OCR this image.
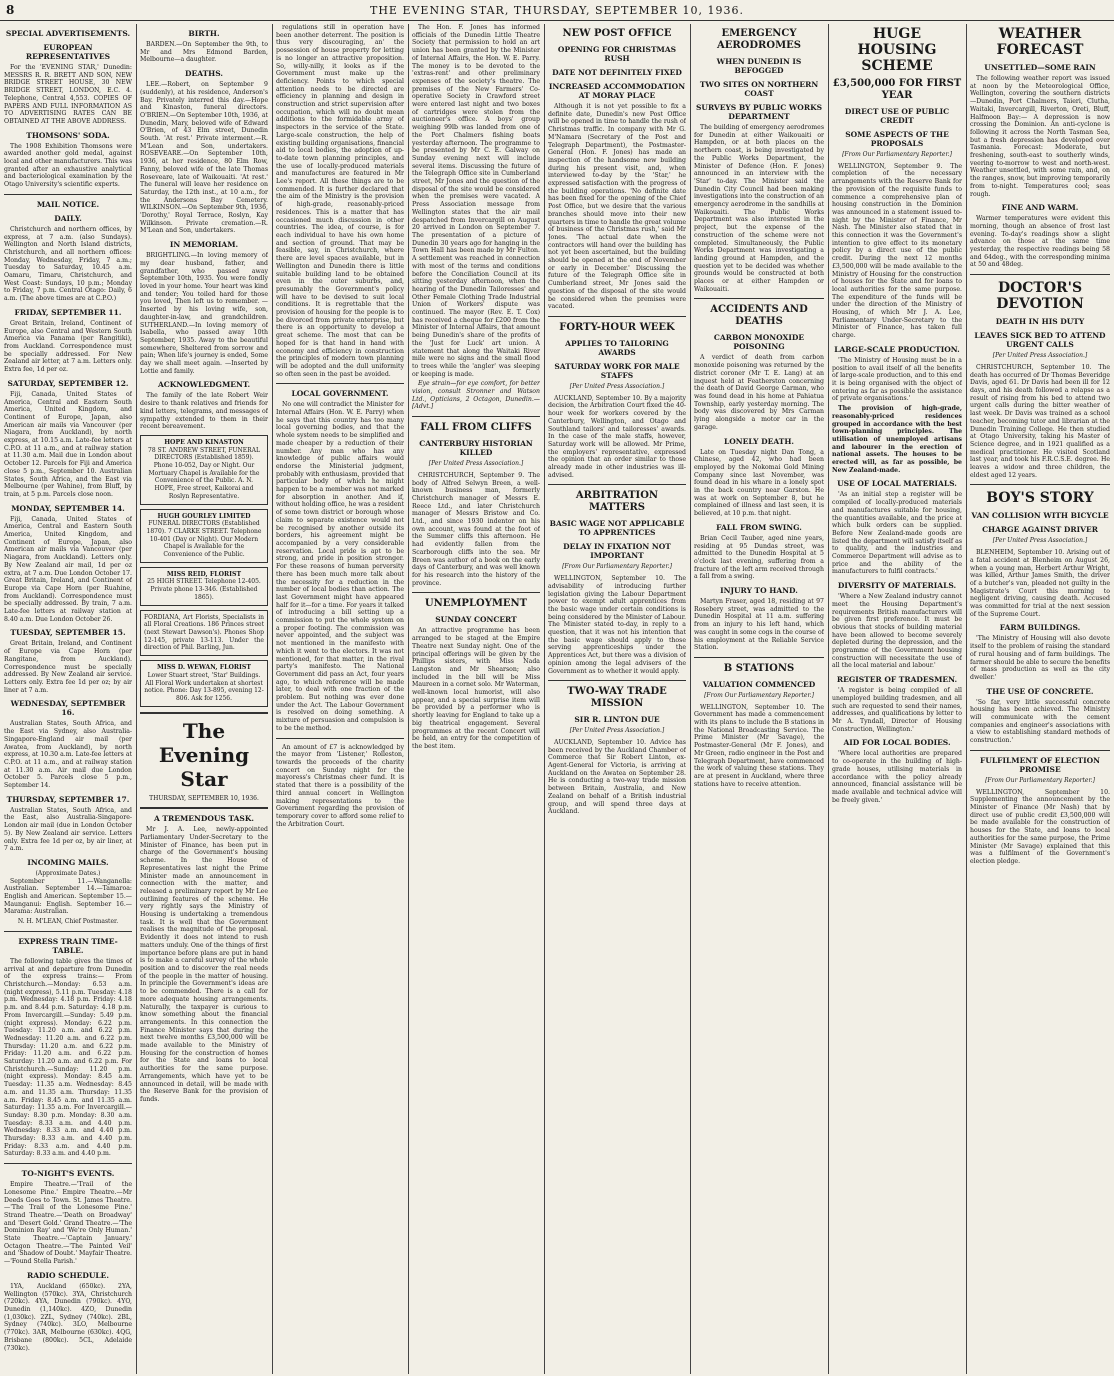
8	THE EVENING STAR, THURSDAY, SEPTEMBER 10, 1936.
SPECIAL ADVERTISEMENTS.
EUROPEAN REPRESENTATIVES

For the 'EVENING STAR,' Dunedin: MESSRS R. R. BRETT AND SON, NEW BRIDGE STREET HOUSE, 30 NEW BRIDGE STREET, LONDON, E.C. 4. Telephone, Central 4,553. COPIES OF PAPERS AND FULL INFORMATION AS TO ADVERTISING RATES CAN BE OBTAINED AT THE ABOVE ADDRESS.

THOMSONS' SODA.

The 1908 Exhibition Thomsons were awarded another gold medal, against local and other manufacturers. This was granted after an exhaustive analytical and bacteriological examination by the Otago University's scientific experts.

MAIL NOTICE.
DAILY.

Christchurch and northern offices, by express, at 7 a.m. (also Sundays). Wellington and North Island districts, Christchurch, and all northern offices: Monday, Wednesday, Friday, 7 a.m.; Tuesday to Saturday, 10.45 a.m. Oamaru, Timaru, Christchurch, and West Coast: Sundays, 10 p.m.; Monday to Friday, 7 p.m. Central Otago: Daily, 6 a.m. (The above times are at C.P.O.)

FRIDAY, SEPTEMBER 11.

Great Britain, Ireland, Continent of Europe, also Central and Western South America via Panama (per Rangitiki), from Auckland. Correspondence must be specially addressed. For New Zealand air letter, at 7 a.m. Letters only. Extra fee, 1d per oz.

SATURDAY, SEPTEMBER 12.

Fiji, Canada, United States of America, Central and Eastern South America, United Kingdom, and Continent of Europe, Japan, also American air mails via Vancouver (per Niagara, from Auckland), by north express, at 10.15 a.m. Late-fee letters at C.P.O. at 11 a.m., and at railway station at 11.30 a.m. Mail due in London about October 12. Parcels for Fiji and America close 5 p.m., September 10. Australian States, South Africa, and the East via Melbourne (per Wahine), from Bluff, by train, at 5 p.m. Parcels close noon.

MONDAY, SEPTEMBER 14.

Fiji, Canada, United States of America, Central and Eastern South America, United Kingdom, and Continent of Europe, Japan, also American air mails via Vancouver (per Niagara, from Auckland). Letters only. By New Zealand air mail, 1d per oz extra, at 7 a.m. Due London October 17. Great Britain, Ireland, and Continent of Europe via Cape Horn (per Ruahine, from Auckland). Correspondence must be specially addressed. By train, 7 a.m. Late-fee letters at railway station at 8.40 a.m. Due London October 26.

TUESDAY, SEPTEMBER 15.

Great Britain, Ireland, and Continent of Europe via Cape Horn (per Rangitane, from Auckland). Correspondence must be specially addressed. By New Zealand air service. Letters only. Extra fee 1d per oz; by air liner at 7 a.m.

WEDNESDAY, SEPTEMBER 16.

Australian States, South Africa, and the East via Sydney, also Australia-Singapore-England air mail (per Awatea, from Auckland), by north express, at 10.30 a.m. Late-fee letters at C.P.O. at 11 a.m., and at railway station at 11.30 a.m. Air mail due London October 5. Parcels close 5 p.m., September 14.

THURSDAY, SEPTEMBER 17.

Australian States, South Africa, and the East, also Australia-Singapore-London air mail (due in London October 5). By New Zealand air service. Letters only. Extra fee 1d per oz, by air liner, at 7 a.m.

INCOMING MAILS.
(Approximate Dates.)

September 11.—Wanganella: Australian. September 14.—Tamaroa: English and American. September 15.—Maunganui: English. September 16.—Marama: Australian.

N. H. M'LEAN, Chief Postmaster.
EXPRESS TRAIN TIME-TABLE.

The following table gives the times of arrival at and departure from Dunedin of the express trains:— From Christchurch.—Monday: 6.53 a.m. (night express), 5.11 p.m. Tuesday: 4.18 p.m. Wednesday: 4.18 p.m. Friday: 4.18 p.m. and 8.44 p.m. Saturday: 4.18 p.m. From Invercargill.—Sunday: 5.49 p.m. (night express). Monday: 6.22 p.m. Tuesday: 11.20 a.m. and 6.22 p.m. Wednesday: 11.20 a.m. and 6.22 p.m. Thursday: 11.20 a.m. and 6.22 p.m. Friday: 11.20 a.m. and 6.22 p.m. Saturday: 11.20 a.m. and 6.22 p.m. For Christchurch.—Sunday: 11.20 p.m. (night express). Monday: 8.45 a.m. Tuesday: 11.35 a.m. Wednesday: 8.45 a.m. and 11.35 a.m. Thursday: 11.35 a.m. Friday: 8.45 a.m. and 11.35 a.m. Saturday: 11.35 a.m. For Invercargill.—Sunday: 8.30 p.m. Monday: 8.30 a.m. Tuesday: 8.33 a.m. and 4.40 p.m. Wednesday: 8.33 a.m. and 4.40 p.m. Thursday: 8.33 a.m. and 4.40 p.m. Friday: 8.33 a.m. and 4.40 p.m. Saturday: 8.33 a.m. and 4.40 p.m.

TO-NIGHT'S EVENTS.

Empire Theatre.—'Trail of the Lonesome Pine.' Empire Theatre.—Mr Deeds Goes to Town. St. James Theatre.—'The Trail of the Lonesome Pine.' Strand Theatre.—'Death on Broadway' and 'Desert Gold.' Grand Theatre.—'The Dominion Ray' and 'We're Only Human.' State Theatre.—'Captain January.' Octagon Theatre.—'The Painted Veil' and 'Shadow of Doubt.' Mayfair Theatre.—'Found Stella Parish.'

RADIO SCHEDULE.

1YA, Auckland (650kc). 2YA, Wellington (570kc). 3YA, Christchurch (720kc). 4YA, Dunedin (790kc). 4YO, Dunedin (1,140kc). 4ZO, Dunedin (1,030kc). 2ZL, Sydney (740kc). 2BL, Sydney (740kc). 3LO, Melbourne (770kc). 3AR, Melbourne (630kc). 4QG, Brisbane (800kc). 5CL, Adelaide (730kc).

BIRTH.

BARDEN.—On September the 9th, to Mr and Mrs Edmond Barden, Melbourne—a daughter.

DEATHS.

LEE.—Robert, on September 9 (suddenly), at his residence, Anderson's Bay. Privately interred this day.—Hope and Kinaston, funeral directors. O'BRIEN.—On September 10th, 1936, at Dunedin, Mary, beloved wife of Edward O'Brien, of 43 Elm street, Dunedin South. 'At rest.' Private interment.—R. M'Lean and Son, undertakers. ROSEVEARE.—On September 10th, 1936, at her residence, 80 Elm Row, Fanny, beloved wife of the late Thomas Roseveare, late of Waikouaiti. 'At rest.' The funeral will leave her residence on Saturday, the 12th inst., at 10 a.m., for the Andersons Bay Cemetery. WILKINSON.—On September 9th, 1936, 'Dorothy,' Royal Terrace, Roslyn, Kay Wilkinson. Private cremation.—R. M'Lean and Son, undertakers.

IN MEMORIAM.

BRIGHTLING.—In loving memory of my dear husband, father, and grandfather, who passed away September 10th, 1935. You were fondly loved in your home. Your heart was kind and tender; You toiled hard for those you loved, Then left us to remember. —Inserted by his loving wife, son, daughter-in-law, and grandchildren. SUTHERLAND.—In loving memory of Isabella, who passed away 10th September, 1935. Away to the beautiful somewhere, Sheltered from sorrow and pain; When life's journey is ended, Some day we shall meet again. —Inserted by Lottie and family.

ACKNOWLEDGMENT.

The family of the late Robert Weir desire to thank relatives and friends for kind letters, telegrams, and messages of sympathy extended to them in their recent bereavement.

HOPE AND KINASTON
78 ST. ANDREW STREET, FUNERAL DIRECTORS (Established 1859). Phone 10-052, Day or Night. Our Mortuary Chapel is Available for the Convenience of the Public. A. N. HOPE, Free street, Kaikorai and Roslyn Representative.
HUGH GOURLEY LIMITED
FUNERAL DIRECTORS (Established 1870). 7 CLARKE STREET. Telephone 10-401 (Day or Night). Our Modern Chapel is Available for the Convenience of the Public.
MISS REID, FLORIST
25 HIGH STREET. Telephone 12-405. Private phone 13-346. (Established 1865).
FORDIANA, Art Florists, Specialists in all Floral Creations. 186 Princes street (next Stewart Dawson's). Phones Shop 12-145, private 13-113. Under the direction of Phil. Barling, Jun.
MISS D. WEWAN, FLORIST
Lower Stuart street, 'Star' Buildings. All Floral Work undertaken at shortest notice. Phone: Day 13-895, evening 12-806. Ask for 1256.
The Evening Star
THURSDAY, SEPTEMBER 10, 1936.
A TREMENDOUS TASK.

Mr J. A. Lee, newly-appointed Parliamentary Under-Secretary to the Minister of Finance, has been put in charge of the Government's housing scheme. In the House of Representatives last night the Prime Minister made an announcement in connection with the matter, and released a preliminary report by Mr Lee outlining features of the scheme. He very rightly says the Ministry of Housing is undertaking a tremendous task. It is well that the Government realises the magnitude of the proposal. Evidently it does not intend to rush matters unduly. One of the things of first importance before plans are put in hand is to make a careful survey of the whole position and to discover the real needs of the people in the matter of housing. In principle the Government's ideas are to be commended. There is a call for more adequate housing arrangements. Naturally, the taxpayer is curious to know something about the financial arrangements. In this connection the Finance Minister says that during the next twelve months £3,500,000 will be made available to the Ministry of Housing for the construction of homes for the State and loans to local authorities for the same purpose. Arrangements, which have yet to be announced in detail, will be made with the Reserve Bank for the provision of funds.

regulations still in operation have been another deterrent. The position is thus very discouraging, an' the possession of house property for letting is no longer an attractive proposition. So, willy-nilly, it looks as if the Government must make up the deficiency. Points to which special attention needs to be directed are efficiency in planning and design in construction and strict supervision after occupation, which will no doubt mean additions to the formidable army of inspectors in the service of the State. Large-scale construction, the help of existing building organisations, financial aid to local bodies, the adoption of up-to-date town planning principles, and the use of locally-produced materials and manufactures are featured in Mr Lee's report. All these things are to be commended. It is further declared that the aim of the Ministry is the provision of high-grade, reasonably-priced residences. This is a matter that has occasioned much discussion in other countries. The idea, of course, is for each individual to have his own home and section of ground. That may be feasible, say, in Christchurch, where there are level spaces available, but in Wellington and Dunedin there is little suitable building land to be obtained even in the outer suburbs, and, presumably the Government's policy will have to be devised to suit local conditions. It is regrettable that the provision of housing for the people is to be divorced from private enterprise, but there is an opportunity to develop a great scheme. The most that can be hoped for is that hand in hand with economy and efficiency in construction the principles of modern town planning will be adopted and the dull uniformity so often seen in the past be avoided.

LOCAL GOVERNMENT.

No one will contradict the Minister for Internal Affairs (Hon. W. E. Parry) when he says that this country has too many local governing bodies, and that the whole system needs to be simplified and made cheaper by a reduction of their number. Any man who has any knowledge of public affairs would endorse the Ministerial judgment, probably with enthusiasm, provided that particular body of which he might happen to be a member was not marked for absorption in another. And if, without holding office, he was a resident of some town district or borough whose claim to separate existence would not be recognised by another outside its borders, his agreement might be accompanied by a very considerable reservation. Local pride is apt to be strong, and pride in position stronger. For these reasons of human perversity there has been much more talk about the necessity for a reduction in the number of local bodies than action. The last Government might have appeared half for it—for a time. For years it talked of introducing a bill setting up a commission to put the whole system on a proper footing. The commission was never appointed, and the subject was not mentioned in the manifesto with which it went to the electors. It was not mentioned, for that matter, in the rival party's manifesto. The National Government did pass an Act, four years ago, to which reference will be made later, to deal with one fraction of the problem. But nothing was ever done under the Act. The Labour Government is resolved on doing something. A mixture of persuasion and compulsion is to be the method.

An amount of £7 is acknowledged by the mayor from 'Listener,' Rolleston, towards the proceeds of the charity concert on Sunday night for the mayoress's Christmas cheer fund. It is stated that there is a possibility of the third annual concert in Wellington making representations to the Government regarding the provision of temporary cover to afford some relief to the Arbitration Court.

The Hon. F. Jones has informed officials of the Dunedin Little Theatre Society that permission to hold an art union has been granted by the Minister of Internal Affairs, the Hon. W. E. Parry. The money is to be devoted to the 'extras-rent' and other preliminary expenses of the society's theatre. The premises of the New Farmers' Co-operative Society in Crawford street were entered last night and two boxes of cartridges were stolen from the auctioneer's office. A boys' group weighing 99lb was landed from one of the Port Chalmers fishing boats yesterday afternoon. The programme to be presented by Mr C. E. Galway on Sunday evening next will include several items. Discussing the future of the Telegraph Office site in Cumberland street, Mr Jones and the question of the disposal of the site would be considered when the premises were vacated. A Press Association message from Wellington states that the air mail despatched from Invercargill on August 20 arrived in London on September 7. The presentation of a picture of Dunedin 30 years ago for hanging in the Town Hall has been made by Mr Fulton. A settlement was reached in connection with most of the terms and conditions before the Conciliation Council at its sitting yesterday afternoon, when the hearing of the Dunedin Tailoresses' and Other Female Clothing Trade Industrial Union of Workers' dispute was continued. The mayor (Rev. E. T. Cox) has received a cheque for £200 from the Minister of Internal Affairs, that amount being Dunedin's share of the profits of the 'Just for Luck' art union. A statement that along the Waitaki River mile were no signs and the small flood to trees while the 'angler' was sleeping or keeping is made.

Eye strain—for eye comfort, for better vision, consult Stronner and Watson Ltd., Opticians, 2 Octagon, Dunedin.—[Advt.]

FALL FROM CLIFFS
CANTERBURY HISTORIAN KILLED
[Per United Press Association.]

CHRISTCHURCH, September 9. The body of Alfred Selwyn Breen, a well-known business man, formerly Christchurch manager of Messrs E. Reece Ltd., and later Christchurch manager of Messrs Bristow and Co. Ltd., and since 1930 indentor on his own account, was found at the foot of the Summer cliffs this afternoon. He had evidently fallen from the Scarborough cliffs into the sea. Mr Breen was author of a book on the early days of Canterbury, and was well known for his research into the history of the province.

UNEMPLOYMENT
SUNDAY CONCERT

An attractive programme has been arranged to be staged at the Empire Theatre next Sunday night. One of the principal offerings will be given by the Phillips sisters, with Miss Nada Langston and Mr Shearson; also included in the bill will be Miss Maureen in a cornet solo. Mr Waterman, well-known local humorist, will also appear, and a special surprise item will be provided by a performer who is shortly leaving for England to take up a big theatrical engagement. Several programmes at the recent Concert will be held, an entry for the competition of the best item.

NEW POST OFFICE
OPENING FOR CHRISTMAS RUSH
DATE NOT DEFINITELY FIXED
INCREASED ACCOMMODATION AT MORAY PLACE

Although it is not yet possible to fix a definite date, Dunedin's new Post Office will be opened in time to handle the rush of Christmas traffic. In company with Mr G. M'Namara (Secretary of the Post and Telegraph Department), the Postmaster-General (Hon. F. Jones) has made an inspection of the handsome new building during his present visit, and, when interviewed to-day by the 'Star,' he expressed satisfaction with the progress of the building operations. 'No definite date has been fixed for the opening of the Chief Post Office, but we desire that the various branches should move into their new quarters in time to handle the great volume of business of the Christmas rush,' said Mr Jones. 'The actual date when the contractors will hand over the building has not yet been ascertained, but the building should be opened at the end of November or early in December.' Discussing the future of the Telegraph Office site in Cumberland street, Mr Jones said the question of the disposal of the site would be considered when the premises were vacated.

FORTY-HOUR WEEK
APPLIES TO TAILORING AWARDS
SATURDAY WORK FOR MALE STAFFS
[Per United Press Association.]

AUCKLAND, September 10. By a majority decision, the Arbitration Court fixed the 40-hour week for workers covered by the Canterbury, Wellington, and Otago and Southland tailors' and tailoresses' awards. In the case of the male staffs, however, Saturday work will be allowed. Mr Prime, the employers' representative, expressed the opinion that an order similar to those already made in other industries was ill-advised.

ARBITRATION MATTERS
BASIC WAGE NOT APPLICABLE TO APPRENTICES
DELAY IN FIXATION NOT IMPORTANT
[From Our Parliamentary Reporter.]

WELLINGTON, September 10. The advisability of introducing further legislation giving the Labour Department power to exempt adult apprentices from the basic wage under certain conditions is being considered by the Minister of Labour. The Minister stated to-day, in reply to a question, that it was not his intention that the basic wage should apply to those serving apprenticeships under the Apprentices Act, but there was a division of opinion among the legal advisers of the Government as to whether it would apply.

TWO-WAY TRADE MISSION
SIR R. LINTON DUE
[Per United Press Association.]

AUCKLAND, September 10. Advice has been received by the Auckland Chamber of Commerce that Sir Robert Linton, ex-Agent-General for Victoria, is arriving at Auckland on the Awatea on September 28. He is conducting a two-way trade mission between Britain, Australia, and New Zealand on behalf of a British industrial group, and will spend three days at Auckland.

EMERGENCY AERODROMES
WHEN DUNEDIN IS BEFOGGED
TWO SITES ON NORTHERN COAST
SURVEYS BY PUBLIC WORKS DEPARTMENT

The building of emergency aerodromes for Dunedin at either Waikouaiti or Hampden, or at both places on the northern coast, is being investigated by the Public Works Department, the Minister of Defence (Hon. F. Jones) announced in an interview with the 'Star' to-day. The Minister said the Dunedin City Council had been making investigations into the construction of an emergency aerodrome in the sandhills at Waikouaiti. The Public Works Department was also interested in the project, but the expense of the construction of the scheme were not completed. Simultaneously, the Public Works Department was investigating a landing ground at Hampden, and the question yet to be decided was whether grounds would be constructed at both places or at either Hampden or Waikouaiti.

ACCIDENTS AND DEATHS
CARBON MONOXIDE POISONING

A verdict of death from carbon monoxide poisoning was returned by the district coroner (Mr T. E. Lang) at an inquest held at Featherston concerning the death of David George Carman, who was found dead in his home at Pahiatua Township, early yesterday morning. The body was discovered by Mrs Carman lying alongside a motor car in the garage.

LONELY DEATH.

Late on Tuesday night Dan Tong, a Chinese, aged 42, who had been employed by the Nokomai Gold Mining Company since last November, was found dead in his whare in a lonely spot in the back country near Garston. He was at work on September 8, but he complained of illness and last seen, it is believed, at 10 p.m. that night.

FALL FROM SWING.

Brian Cecil Tauber, aged nine years, residing at 95 Dundas street, was admitted to the Dunedin Hospital at 5 o'clock last evening, suffering from a fracture of the left arm received through a fall from a swing.

INJURY TO HAND.

Martyn Fraser, aged 18, residing at 97 Rosebery street, was admitted to the Dunedin Hospital at 11 a.m. suffering from an injury to his left hand, which was caught in some cogs in the course of his employment at the Reliable Service Station.

B STATIONS
VALUATION COMMENCED
[From Our Parliamentary Reporter.]

WELLINGTON, September 10. The Government has made a commencement with its plans to include the B stations in the National Broadcasting Service. The Prime Minister (Mr Savage), the Postmaster-General (Mr F. Jones), and Mr Green, radio engineer in the Post and Telegraph Department, have commenced the work of valuing these stations. They are at present in Auckland, where three stations have to receive attention.

HUGE HOUSING SCHEME
£3,500,000 FOR FIRST YEAR
DIRECT USE OF PUBLIC CREDIT
SOME ASPECTS OF THE PROPOSALS
[From Our Parliamentary Reporter.]

WELLINGTON, September 9. The completion of the necessary arrangements with the Reserve Bank for the provision of the requisite funds to commence a comprehensive plan of housing construction in the Dominion was announced in a statement issued to-night by the Minister of Finance, Mr Nash. The Minister also stated that in this connection it was the Government's intention to give effect to its monetary policy by a direct use of the public credit. During the next 12 months £3,500,000 will be made available to the Ministry of Housing for the construction of houses for the State and for loans to local authorities for the same purpose. The expenditure of the funds will be under the direction of the Ministry of Housing, of which Mr J. A. Lee, Parliamentary Under-Secretary to the Minister of Finance, has taken full charge.

LARGE-SCALE PRODUCTION.

'The Ministry of Housing must be in a position to avail itself of all the benefits of large-scale production, and to this end it is being organised with the object of entering as far as possible the assistance of private organisations.'

The provision of high-grade, reasonably-priced residences grouped in accordance with the best town-planning principles. The utilisation of unemployed artisans and labourer in the erection of national assets. The houses to be erected will, as far as possible, be New Zealand-made.

USE OF LOCAL MATERIALS.

'As an initial step a register will be compiled of locally-produced materials and manufactures suitable for housing, the quantities available, and the price at which bulk orders can be supplied. Before New Zealand-made goods are listed the department will satisfy itself as to quality, and the industries and Commerce Department will advise as to price and the ability of the manufacturers to fulfil contracts.'

DIVERSITY OF MATERIALS.

'Where a New Zealand industry cannot meet the Housing Department's requirements British manufacturers will be given first preference. It must be obvious that stocks of building material have been allowed to become severely depleted during the depression, and the programme of the Government housing construction will necessitate the use of all the local material and labour.'

REGISTER OF TRADESMEN.

'A register is being compiled of all unemployed building tradesmen, and all such are requested to send their names, addresses, and qualifications by letter to Mr A. Tyndall, Director of Housing Construction, Wellington.'

AID FOR LOCAL BODIES.

'Where local authorities are prepared to co-operate in the building of high-grade houses, utilising materials in accordance with the policy already announced, financial assistance will be made available and technical advice will be freely given.'

WEATHER FORECAST
UNSETTLED—SOME RAIN

The following weather report was issued at noon by the Meteorological Office, Wellington, covering the southern districts—Dunedin, Port Chalmers, Taieri, Clutha, Waitaki, Invercargill, Riverton, Oreti, Bluff, Halfmoon Bay:— A depression is now crossing the Dominion. An anti-cyclone is following it across the North Tasman Sea, but a fresh depression has developed over Tasmania. Forecast: Moderate, but freshening, south-east to southerly winds, veering to-morrow to west and north-west. Weather unsettled, with some rain, and, on the ranges, snow, but improving temporarily from to-night. Temperatures cool; seas rough.

FINE AND WARM.

Warmer temperatures were evident this morning, though an absence of frost last evening. To-day's readings show a slight advance on those at the same time yesterday, the respective readings being 58 and 64deg., with the corresponding minima at 50 and 48deg.

DOCTOR'S DEVOTION
DEATH IN HIS DUTY
LEAVES SICK BED TO ATTEND URGENT CALLS
[Per United Press Association.]

CHRISTCHURCH, September 10. The death has occurred of Dr Thomas Beveridge Davis, aged 61. Dr Davis had been ill for 12 days, and his death followed a relapse as a result of rising from his bed to attend two urgent calls during the bitter weather of last week. Dr Davis was trained as a school teacher, becoming tutor and librarian at the Dunedin Training College. He then studied at Otago University, taking his Master of Science degree, and in 1921 qualified as a medical practitioner. He visited Scotland last year, and took his F.R.C.S.E. degree. He leaves a widow and three children, the eldest aged 12 years.

BOY'S STORY
VAN COLLISION WITH BICYCLE
CHARGE AGAINST DRIVER
[Per United Press Association.]

BLENHEIM, September 10. Arising out of a fatal accident at Blenheim on August 26, when a young man, Herbert Arthur Wright, was killed, Arthur James Smith, the driver of a butcher's van, pleaded not guilty in the Magistrate's Court this morning to negligent driving, causing death. Accused was committed for trial at the next session of the Supreme Court.

FARM BUILDINGS.

'The Ministry of Housing will also devote itself to the problem of raising the standard of rural housing and of farm buildings. The farmer should be able to secure the benefits of mass production as well as the city dweller.'

THE USE OF CONCRETE.

'So far, very little successful concrete housing has been achieved. The Ministry will communicate with the cement companies and engineer's associations with a view to establishing standard methods of construction.'

FULFILMENT OF ELECTION PROMISE
[From Our Parliamentary Reporter.]

WELLINGTON, September 10. Supplementing the announcement by the Minister of Finance (Mr Nash) that by direct use of public credit £3,500,000 will be made available for the construction of houses for the State, and loans to local authorities for the same purpose, the Prime Minister (Mr Savage) explained that this was a fulfilment of the Government's election pledge.
